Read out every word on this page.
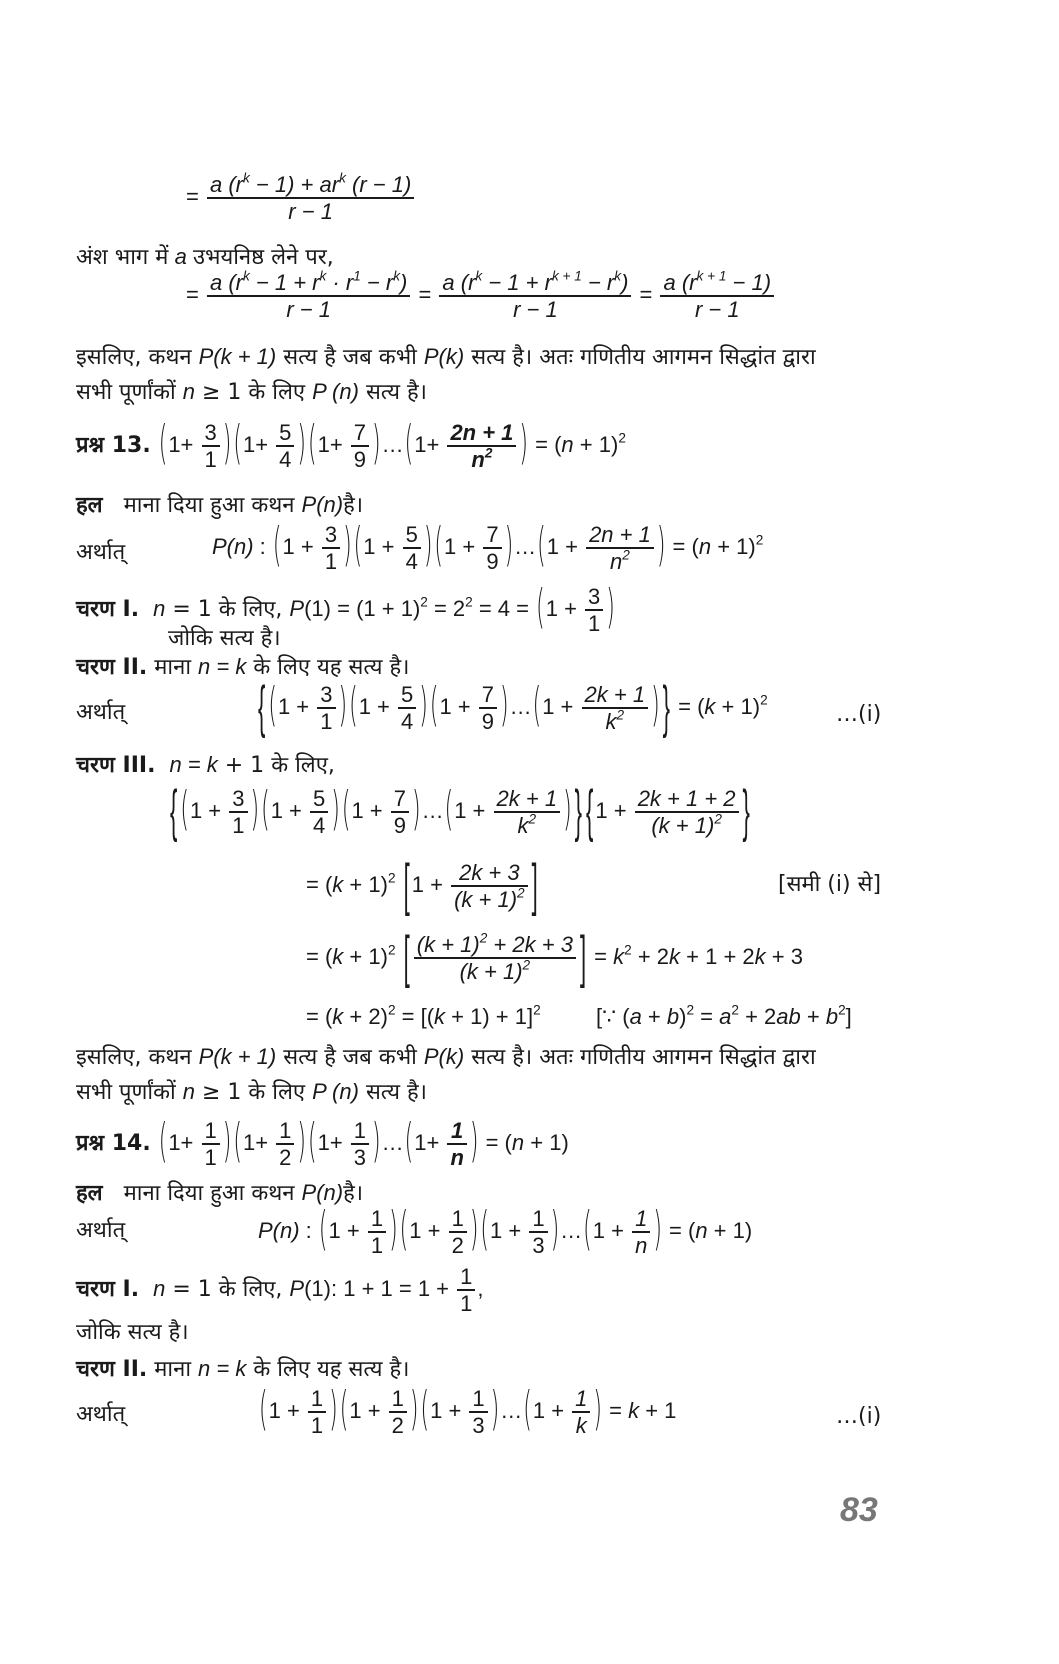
= $\frac{a (r^k - 1) + ar^k (r - 1)}{r - 1}$
अंश भाग में a उभयनिष्ठ लेने पर,
= $\frac{a (r^k - 1 + r^k \cdot r^1 - r^k)}{r - 1} = \frac{a (r^k - 1 + r^{k + 1} - r^k)}{r - 1} = \frac{a (r^{k + 1} - 1)}{r - 1}$
इसलिए, कथन P(k + 1) सत्य है जब कभी P(k) सत्य है। अतः गणितीय आगमन सिद्धांत द्वारा
सभी पूर्णांकों n ≥ 1 के लिए P (n) सत्य है।
प्रश्न 13. $(1+ \frac{3}{1} )(1+ \frac{5}{4} )(1+ \frac{7}{9}$ )…(1+ $\frac{2n + 1}{n^2}$ ) = $(n + 1)^2$
हल माना दिया हुआ कथन P(n)है।
अर्थात्	P(n) : $(1 + \frac{3}{1} )(1 + \frac{5}{4} )(1 + \frac{7}{9}$ )…(1 + $\frac{2n + 1}{n^2}$ ) = $(n + 1)^2$
चरण I. n = 1 के लिए, $P(1) = (1 + 1)^2 = 2^2 = 4 = (1 + \frac{3}{1}$ )
जोकि सत्य है।
चरण II. माना n = k के लिए यह सत्य है।
अर्थात्	{ $(1 + \frac{3}{1} )(1 + \frac{5}{4} )(1 + \frac{7}{9}$ )…(1 + $\frac{2k + 1}{k^2}$ ) } = $(k + 1)^2$
…(i)
चरण III. n = k + 1 के लिए,
{ $(1 + \frac{3}{1} )(1 + \frac{5}{4} )(1 + \frac{7}{9}$ )…(1 + $\frac{2k + 1}{k^2}$ ) } {$1 + \frac{2k + 1 + 2}{(k + 1)^2}$ }
= $(k + 1)^2$ [$1 + \frac{2k + 3}{(k + 1)^2}$ ]	[समी (i) से]
= $(k + 1)^2$ [ $\frac{(k + 1)^2 + 2k + 3}{(k + 1)^2}$ ] = $k^2 + 2k + 1 + 2k + 3$
= $(k + 2)^2 = [(k + 1) + 1]^2$	[∵ $(a + b)^2 = a^2 + 2ab + b^2$]
इसलिए, कथन P(k + 1) सत्य है जब कभी P(k) सत्य है। अतः गणितीय आगमन सिद्धांत द्वारा
सभी पूर्णांकों n ≥ 1 के लिए P (n) सत्य है।
प्रश्न 14. $(1+ \frac{1}{1} )(1+ \frac{1}{2} )(1+ \frac{1}{3}$ )…(1+ $\frac{1}{n}$ ) = (n + 1)
हल माना दिया हुआ कथन P(n)है।
अर्थात्	P(n) : $(1 + \frac{1}{1} )(1 + \frac{1}{2} )(1 + \frac{1}{3}$ )…(1 + $\frac{1}{n}$ ) = (n + 1)
चरण I. n = 1 के लिए, P(1): $1 + 1 = 1 + \frac{1}{1}$ ,
जोकि सत्य है।
चरण II. माना n = k के लिए यह सत्य है।
अर्थात्	$(1 + \frac{1}{1} )(1 + \frac{1}{2} )(1 + \frac{1}{3}$ )…(1 + $\frac{1}{k}$ ) = k + 1	…(i)
83
